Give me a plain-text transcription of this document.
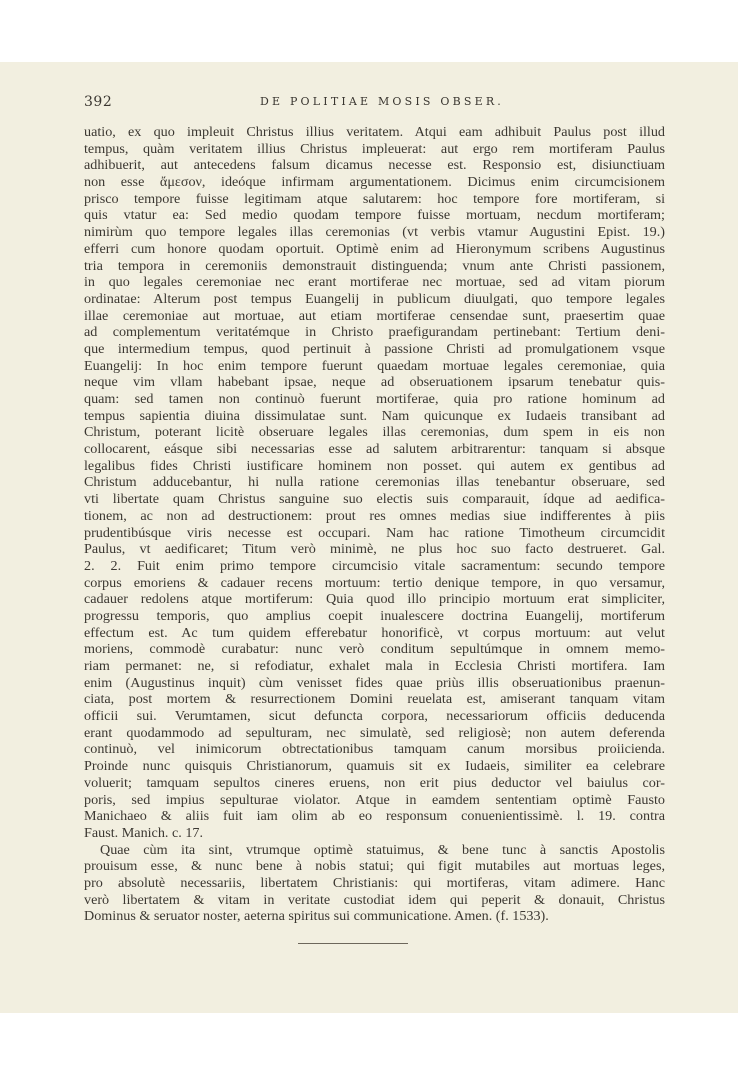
392	DE POLITIAE MOSIS OBSER.
uatio, ex quo impleuit Christus illius veritatem. Atqui eam adhibuit Paulus post illud
tempus, quàm veritatem illius Christus impleuerat: aut ergo rem mortiferam Paulus
adhibuerit, aut antecedens falsum dicamus necesse est. Responsio est, disiunctiuam
non esse ἄμεσον, ideóque infirmam argumentationem. Dicimus enim circumcisionem
prisco tempore fuisse legitimam atque salutarem: hoc tempore fore mortiferam, si
quis vtatur ea: Sed medio quodam tempore fuisse mortuam, necdum mortiferam;
nimirùm quo tempore legales illas ceremonias (vt verbis vtamur Augustini Epist. 19.)
efferri cum honore quodam oportuit. Optimè enim ad Hieronymum scribens Augustinus
tria tempora in ceremoniis demonstrauit distinguenda; vnum ante Christi passionem,
in quo legales ceremoniae nec erant mortiferae nec mortuae, sed ad vitam piorum
ordinatae: Alterum post tempus Euangelij in publicum diuulgati, quo tempore legales
illae ceremoniae aut mortuae, aut etiam mortiferae censendae sunt, praesertim quae
ad complementum veritatémque in Christo praefigurandam pertinebant: Tertium deni-
que intermedium tempus, quod pertinuit à passione Christi ad promulgationem vsque
Euangelij: In hoc enim tempore fuerunt quaedam mortuae legales ceremoniae, quia
neque vim vllam habebant ipsae, neque ad obseruationem ipsarum tenebatur quis-
quam: sed tamen non continuò fuerunt mortiferae, quia pro ratione hominum ad
tempus sapientia diuina dissimulatae sunt. Nam quicunque ex Iudaeis transibant ad
Christum, poterant licitè obseruare legales illas ceremonias, dum spem in eis non
collocarent, eásque sibi necessarias esse ad salutem arbitrarentur: tanquam si absque
legalibus fides Christi iustificare hominem non posset. qui autem ex gentibus ad
Christum adducebantur, hi nulla ratione ceremonias illas tenebantur obseruare, sed
vti libertate quam Christus sanguine suo electis suis comparauit, ídque ad aedifica-
tionem, ac non ad destructionem: prout res omnes medias siue indifferentes à piis
prudentibúsque viris necesse est occupari. Nam hac ratione Timotheum circumcidit
Paulus, vt aedificaret; Titum verò minimè, ne plus hoc suo facto destrueret. Gal.
2. 2. Fuit enim primo tempore circumcisio vitale sacramentum: secundo tempore
corpus emoriens & cadauer recens mortuum: tertio denique tempore, in quo versamur,
cadauer redolens atque mortiferum: Quia quod illo principio mortuum erat simpliciter,
progressu temporis, quo amplius coepit inualescere doctrina Euangelij, mortiferum
effectum est. Ac tum quidem efferebatur honorificè, vt corpus mortuum: aut velut
moriens, commodè curabatur: nunc verò conditum sepultúmque in omnem memo-
riam permanet: ne, si refodiatur, exhalet mala in Ecclesia Christi mortifera. Iam
enim (Augustinus inquit) cùm venisset fides quae priùs illis obseruationibus praenun-
ciata, post mortem & resurrectionem Domini reuelata est, amiserant tanquam vitam
officii sui. Verumtamen, sicut defuncta corpora, necessariorum officiis deducenda
erant quodammodo ad sepulturam, nec simulatè, sed religiosè; non autem deferenda
continuò, vel inimicorum obtrectationibus tamquam canum morsibus proiicienda.
Proinde nunc quisquis Christianorum, quamuis sit ex Iudaeis, similiter ea celebrare
voluerit; tamquam sepultos cineres eruens, non erit pius deductor vel baiulus cor-
poris, sed impius sepulturae violator. Atque in eamdem sententiam optimè Fausto
Manichaeo & aliis fuit iam olim ab eo responsum conuenientissimè. l. 19. contra
Faust. Manich. c. 17.
Quae cùm ita sint, vtrumque optimè statuimus, & bene tunc à sanctis Apostolis
prouisum esse, & nunc bene à nobis statui; qui figit mutabiles aut mortuas leges,
pro absolutè necessariis, libertatem Christianis: qui mortiferas, vitam adimere. Hanc
verò libertatem & vitam in veritate custodiat idem qui peperit & donauit, Christus
Dominus & seruator noster, aeterna spiritus sui communicatione. Amen. (f. 1533).
